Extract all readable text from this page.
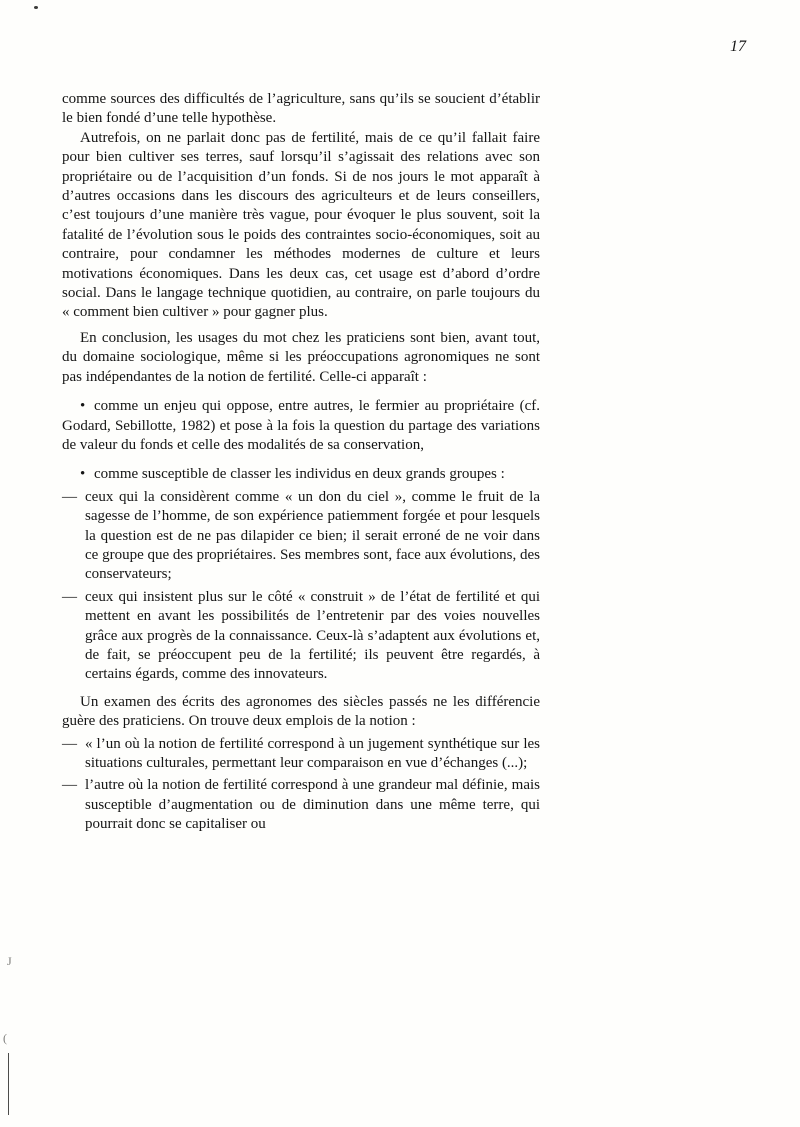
17

comme sources des difficultés de l’agriculture, sans qu’ils se soucient d’établir le bien fondé d’une telle hypothèse.

Autrefois, on ne parlait donc pas de fertilité, mais de ce qu’il fallait faire pour bien cultiver ses terres, sauf lorsqu’il s’agissait des relations avec son propriétaire ou de l’acquisition d’un fonds. Si de nos jours le mot apparaît à d’autres occasions dans les discours des agriculteurs et de leurs conseillers, c’est toujours d’une manière très vague, pour évoquer le plus souvent, soit la fatalité de l’évolution sous le poids des contraintes socio-économiques, soit au contraire, pour condamner les méthodes modernes de culture et leurs motivations économiques. Dans les deux cas, cet usage est d’abord d’ordre social. Dans le langage technique quotidien, au contraire, on parle toujours du « comment bien cultiver » pour gagner plus.

En conclusion, les usages du mot chez les praticiens sont bien, avant tout, du domaine sociologique, même si les préoccupations agronomiques ne sont pas indépendantes de la notion de fertilité. Celle-ci apparaît :

• comme un enjeu qui oppose, entre autres, le fermier au propriétaire (cf. Godard, Sebillotte, 1982) et pose à la fois la question du partage des variations de valeur du fonds et celle des modalités de sa conservation,

• comme susceptible de classer les individus en deux grands groupes :

— ceux qui la considèrent comme « un don du ciel », comme le fruit de la sagesse de l’homme, de son expérience patiemment forgée et pour lesquels la question est de ne pas dilapider ce bien; il serait erroné de ne voir dans ce groupe que des propriétaires. Ses membres sont, face aux évolutions, des conservateurs;

— ceux qui insistent plus sur le côté « construit » de l’état de fertilité et qui mettent en avant les possibilités de l’entretenir par des voies nouvelles grâce aux progrès de la connaissance. Ceux-là s’adaptent aux évolutions et, de fait, se préoccupent peu de la fertilité; ils peuvent être regardés, à certains égards, comme des innovateurs.

Un examen des écrits des agronomes des siècles passés ne les différencie guère des praticiens. On trouve deux emplois de la notion :

— « l’un où la notion de fertilité correspond à un jugement synthétique sur les situations culturales, permettant leur comparaison en vue d’échanges (...);

— l’autre où la notion de fertilité correspond à une grandeur mal définie, mais susceptible d’augmentation ou de diminution dans une même terre, qui pourrait donc se capitaliser ou

J
(
